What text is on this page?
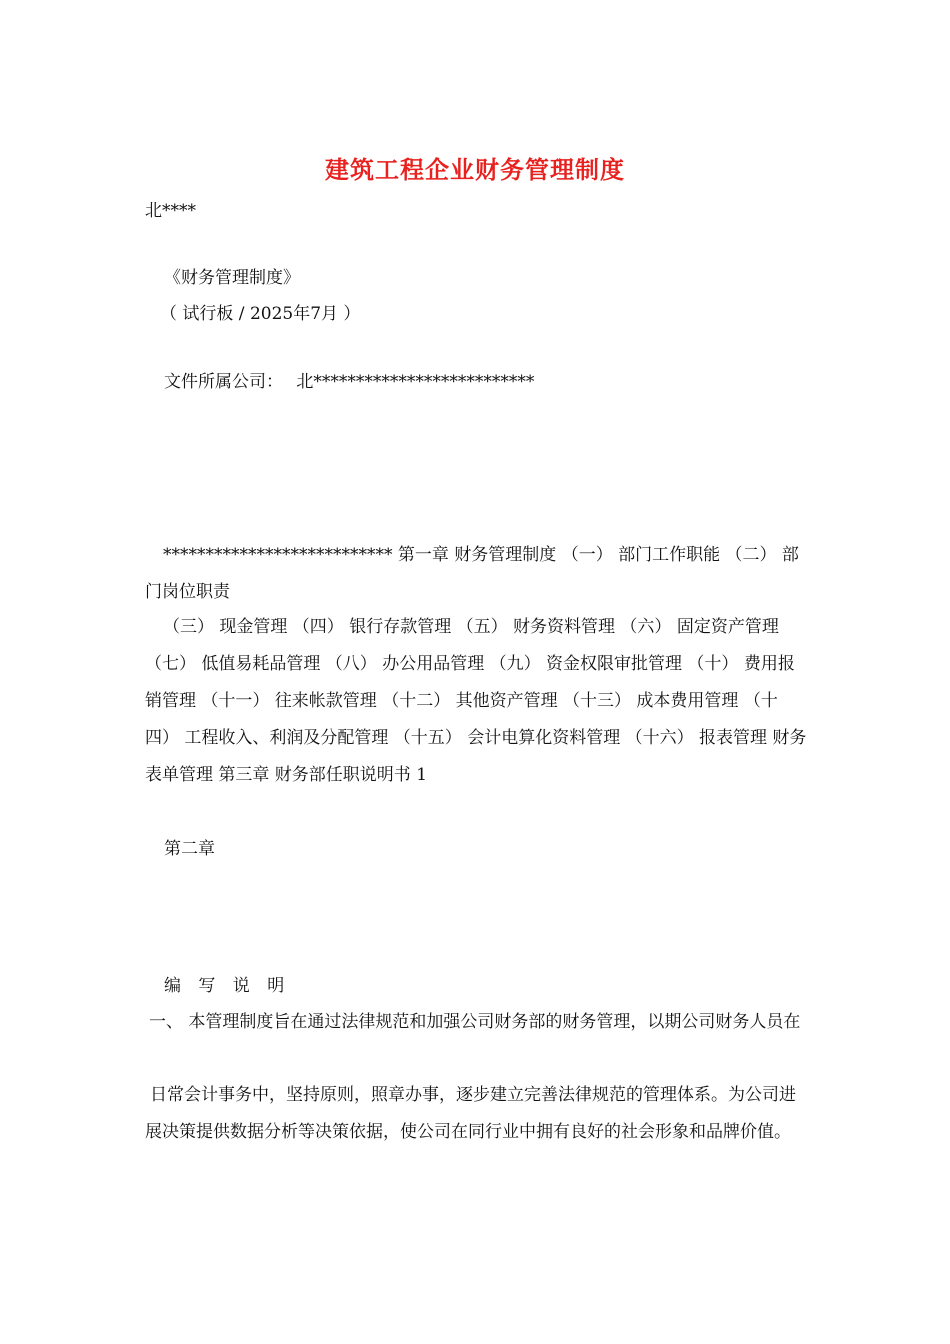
建筑工程企业财务管理制度
北****
《财务管理制度》
（ 试行板 / 2025年7月 ）
文件所属公司： 北**************************
*************************** 第一章 财务管理制度 （一） 部门工作职能 （二） 部门岗位职责
（三） 现金管理 （四） 银行存款管理 （五） 财务资料管理 （六） 固定资产管理 （七） 低值易耗品管理 （八） 办公用品管理 （九） 资金权限审批管理 （十） 费用报销管理 （十一） 往来帐款管理 （十二） 其他资产管理 （十三） 成本费用管理 （十四） 工程收入、利润及分配管理 （十五） 会计电算化资料管理 （十六） 报表管理 财务表单管理 第三章 财务部任职说明书 1
第二章
编 写 说 明
一、 本管理制度旨在通过法律规范和加强公司财务部的财务管理，以期公司财务人员在
日常会计事务中，坚持原则，照章办事，逐步建立完善法律规范的管理体系。为公司进展决策提供数据分析等决策依据，使公司在同行业中拥有良好的社会形象和品牌价值。
